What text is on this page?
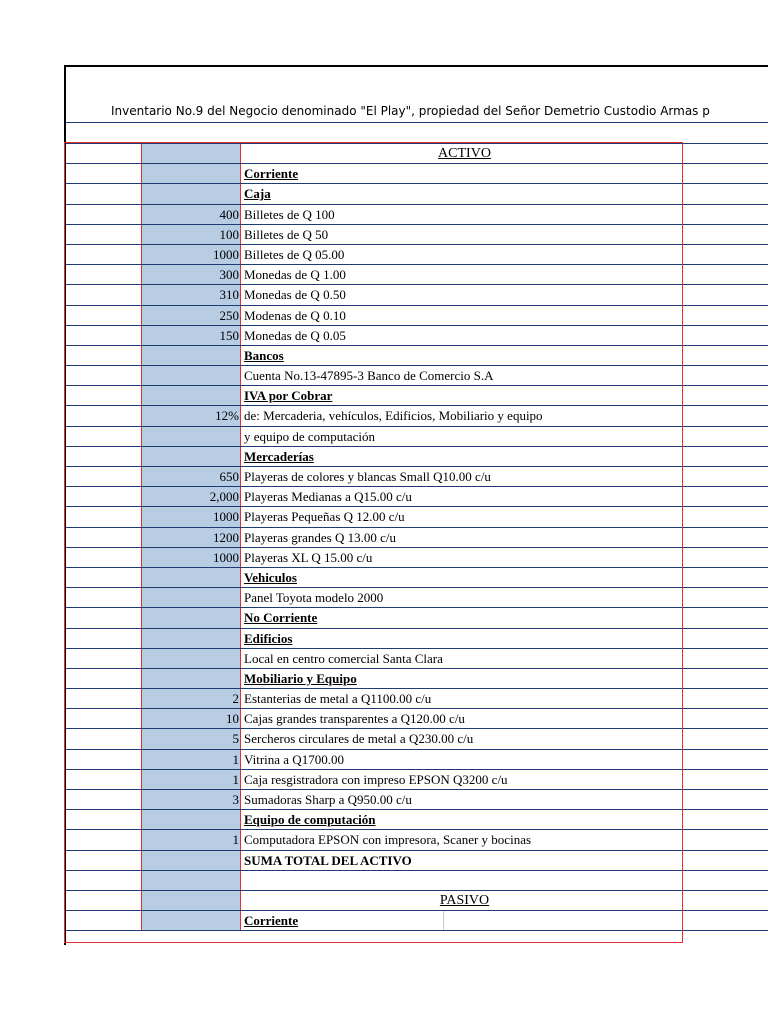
Inventario No.9 del Negocio denominado "El Play", propiedad del Señor Demetrio Custodio Armas p
ACTIVO
Corriente
Caja
400 Billetes de Q 100
100 Billetes de Q 50
1000 Billetes de Q 05.00
300 Monedas de Q 1.00
310 Monedas de Q 0.50
250 Modenas de Q 0.10
150 Monedas de Q 0.05
Bancos
Cuenta No.13-47895-3 Banco de Comercio S.A
IVA por Cobrar
12% de: Mercaderia, vehículos, Edificios, Mobiliario y equipo
y equipo de computación
Mercaderías
650 Playeras de colores y blancas Small Q10.00 c/u
2,000 Playeras Medianas a Q15.00 c/u
1000 Playeras Pequeñas Q 12.00 c/u
1200 Playeras grandes Q 13.00 c/u
1000 Playeras XL Q 15.00 c/u
Vehiculos
Panel Toyota modelo 2000
No Corriente
Edificios
Local en centro comercial Santa Clara
Mobiliario y Equipo
2 Estanterias de metal a Q1100.00 c/u
10 Cajas grandes transparentes a Q120.00 c/u
5 Sercheros circulares de metal a Q230.00 c/u
1 Vitrina a Q1700.00
1 Caja resgistradora con impreso EPSON Q3200 c/u
3 Sumadoras Sharp a Q950.00 c/u
Equipo de computación
1 Computadora EPSON con impresora, Scaner y bocinas
SUMA TOTAL DEL ACTIVO
PASIVO
Corriente
